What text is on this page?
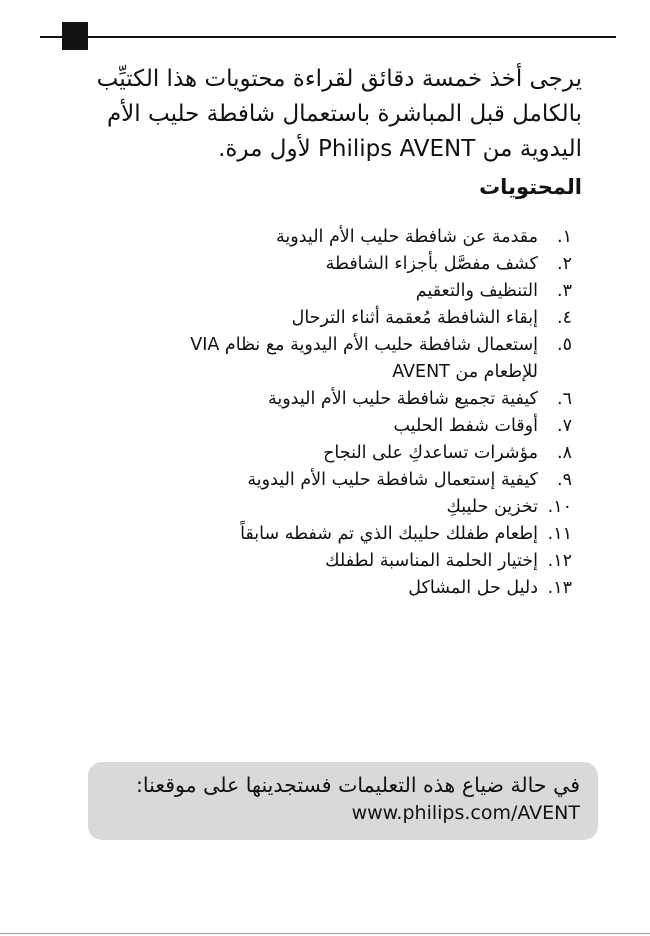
يرجى أخذ خمسة دقائق لقراءة محتويات هذا الكتيِّب بالكامل قبل المباشرة باستعمال شافطة حليب الأم اليدوية من Philips AVENT لأول مرة.

المحتويات
١.
مقدمة عن شافطة حليب الأم اليدوية
٢.
كشف مفصَّل بأجزاء الشافطة
٣.
التنظيف والتعقيم
٤.
إبقاء الشافطة مُعقمة أثناء الترحال
٥.
إستعمال شافطة حليب الأم اليدوية مع نظام VIA للإطعام من AVENT
٦.
كيفية تجميع شافطة حليب الأم اليدوية
٧.
أوقات شفط الحليب
٨.
مؤشرات تساعدكِ على النجاح
٩.
كيفية إستعمال شافطة حليب الأم اليدوية
١٠.
تخزين حليبكِ
١١.
إطعام طفلك حليبك الذي تم شفطه سابقاً
١٢.
إختيار الحلمة المناسبة لطفلك
١٣.
دليل حل المشاكل

في حالة ضياع هذه التعليمات فستجدينها على موقعنا:

www.philips.com/AVENT
